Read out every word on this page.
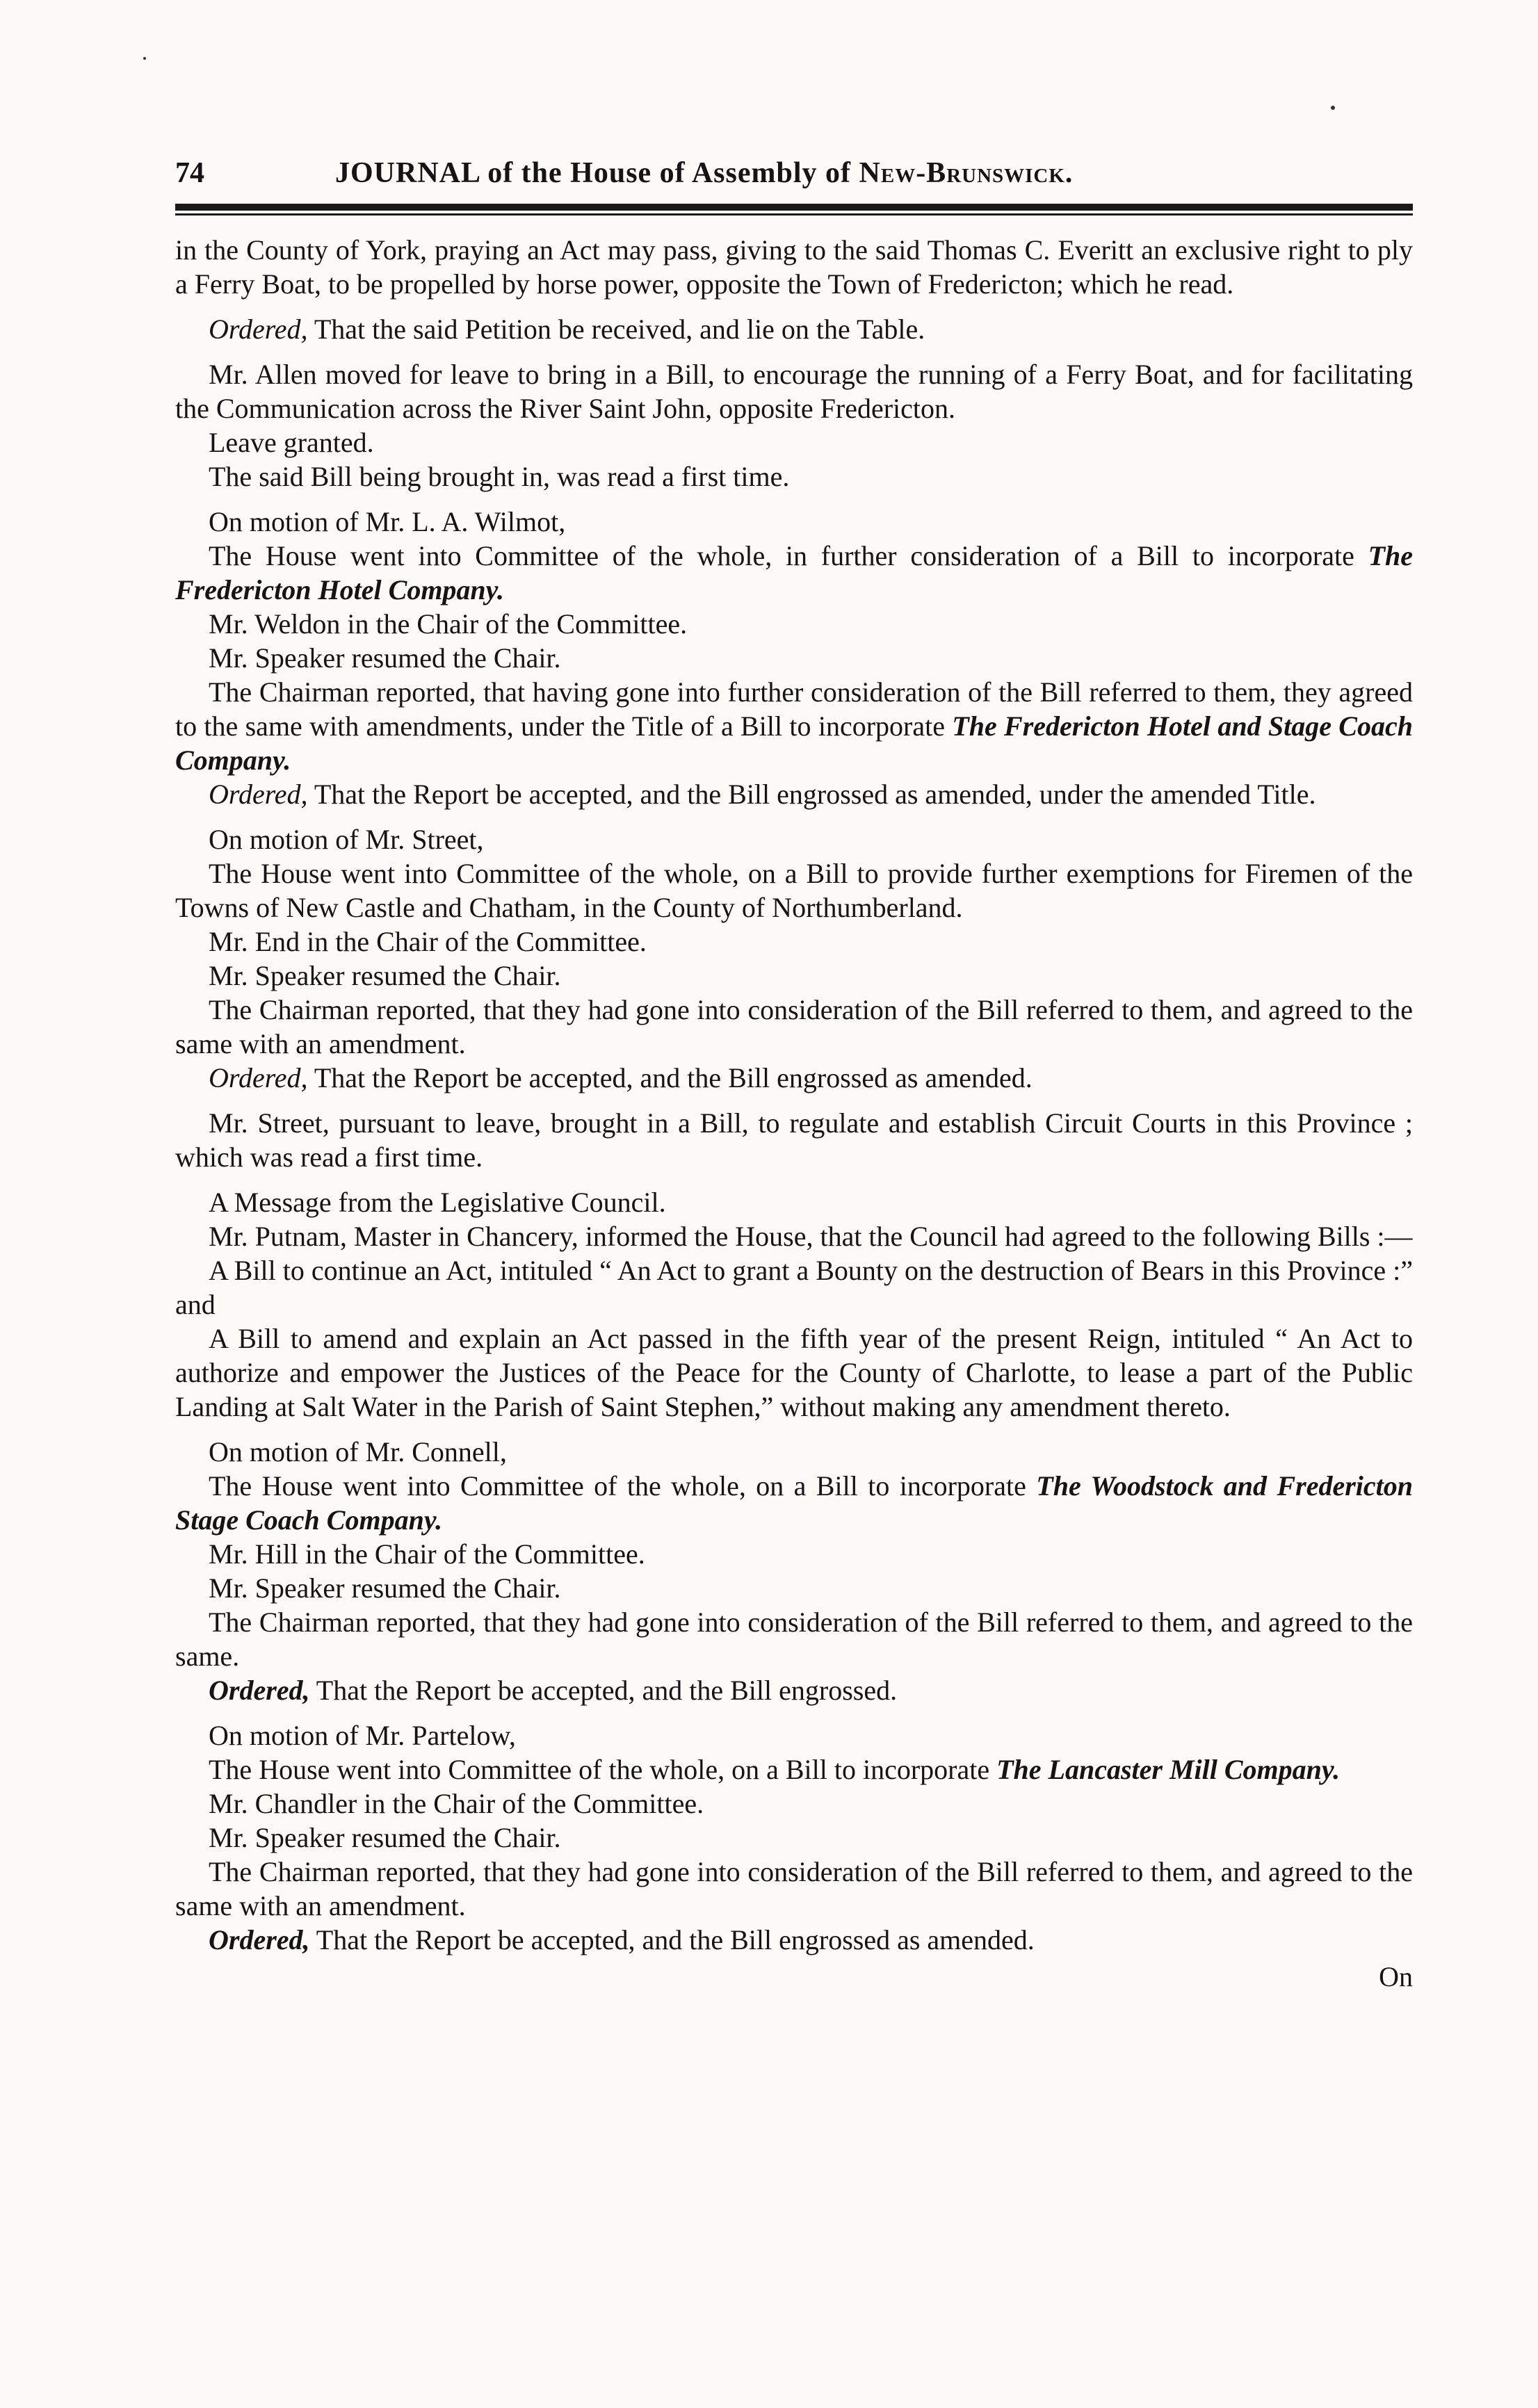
74	JOURNAL of the House of Assembly of New-Brunswick.

in the County of York, praying an Act may pass, giving to the said Thomas C. Everitt an exclusive right to ply a Ferry Boat, to be propelled by horse power, opposite the Town of Fredericton; which he read.

Ordered, That the said Petition be received, and lie on the Table.

Mr. Allen moved for leave to bring in a Bill, to encourage the running of a Ferry Boat, and for facilitating the Communication across the River Saint John, opposite Fredericton.

Leave granted.

The said Bill being brought in, was read a first time.

On motion of Mr. L. A. Wilmot,

The House went into Committee of the whole, in further consideration of a Bill to incorporate The Fredericton Hotel Company.

Mr. Weldon in the Chair of the Committee.

Mr. Speaker resumed the Chair.

The Chairman reported, that having gone into further consideration of the Bill referred to them, they agreed to the same with amendments, under the Title of a Bill to incorporate The Fredericton Hotel and Stage Coach Company.

Ordered, That the Report be accepted, and the Bill engrossed as amended, under the amended Title.

On motion of Mr. Street,

The House went into Committee of the whole, on a Bill to provide further exemptions for Firemen of the Towns of New Castle and Chatham, in the County of Northumberland.

Mr. End in the Chair of the Committee.

Mr. Speaker resumed the Chair.

The Chairman reported, that they had gone into consideration of the Bill referred to them, and agreed to the same with an amendment.

Ordered, That the Report be accepted, and the Bill engrossed as amended.

Mr. Street, pursuant to leave, brought in a Bill, to regulate and establish Circuit Courts in this Province ; which was read a first time.

A Message from the Legislative Council.

Mr. Putnam, Master in Chancery, informed the House, that the Council had agreed to the following Bills :—

A Bill to continue an Act, intituled “ An Act to grant a Bounty on the destruction of Bears in this Province :” and

A Bill to amend and explain an Act passed in the fifth year of the present Reign, intituled “ An Act to authorize and empower the Justices of the Peace for the County of Charlotte, to lease a part of the Public Landing at Salt Water in the Parish of Saint Stephen,” without making any amendment thereto.

On motion of Mr. Connell,

The House went into Committee of the whole, on a Bill to incorporate The Woodstock and Fredericton Stage Coach Company.

Mr. Hill in the Chair of the Committee.

Mr. Speaker resumed the Chair.

The Chairman reported, that they had gone into consideration of the Bill referred to them, and agreed to the same.

Ordered, That the Report be accepted, and the Bill engrossed.

On motion of Mr. Partelow,

The House went into Committee of the whole, on a Bill to incorporate The Lancaster Mill Company.

Mr. Chandler in the Chair of the Committee.

Mr. Speaker resumed the Chair.

The Chairman reported, that they had gone into consideration of the Bill referred to them, and agreed to the same with an amendment.

Ordered, That the Report be accepted, and the Bill engrossed as amended.

On
